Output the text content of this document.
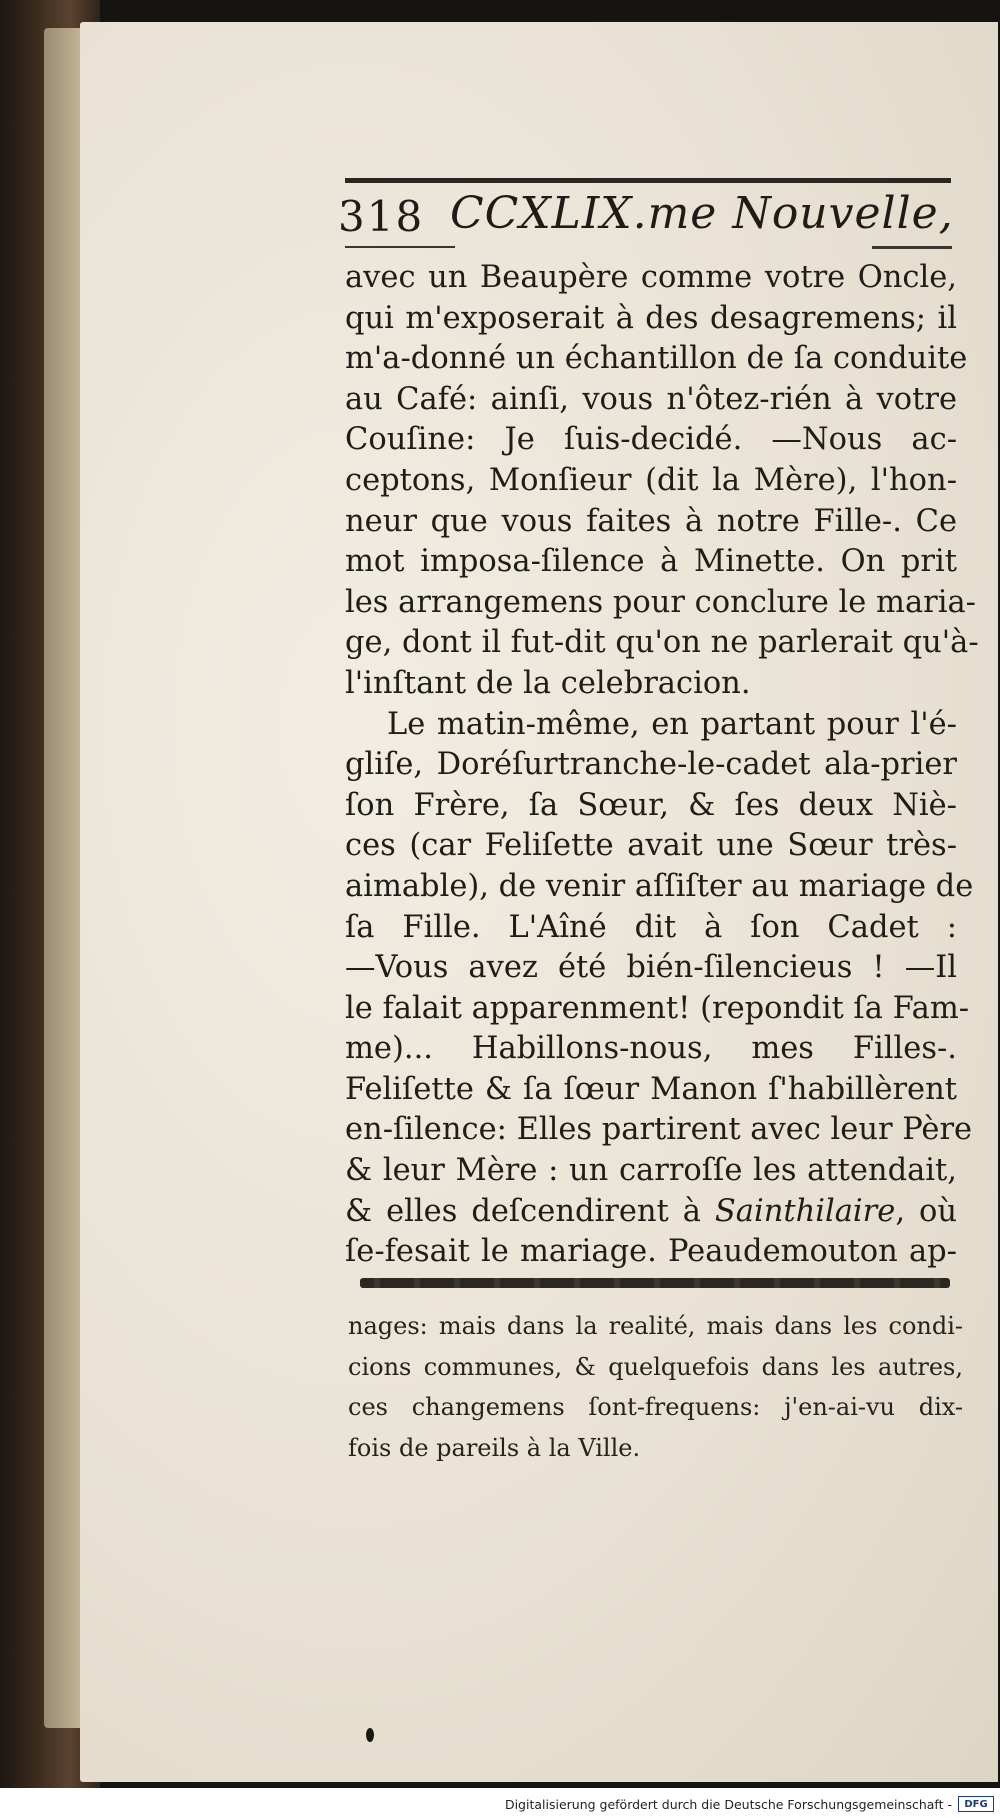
318 CCXLIX.me Nouvelle,
avec un Beaupère comme votre Oncle,
qui m'exposerait à des desagremens; il
m'a-donné un échantillon de ſa conduite
au Café: ainſi, vous n'ôtez-rién à votre
Couſine: Je ſuis-decidé. —Nous ac-
ceptons, Monſieur (dit la Mère), l'hon-
neur que vous faites à notre Fille-. Ce
mot imposa-ſilence à Minette. On prit
les arrangemens pour conclure le maria-
ge, dont il fut-dit qu'on ne parlerait qu'à-
l'inſtant de la celebracion.
Le matin-même, en partant pour l'é-
gliſe, Doréſurtranche-le-cadet ala-prier
ſon Frère, ſa Sœur, & ſes deux Niè-
ces (car Feliſette avait une Sœur très-
aimable), de venir aſſiſter au mariage de
ſa Fille. L'Aîné dit à ſon Cadet :
—Vous avez été bién-ſilencieus ! —Il
le falait apparenment! (repondit ſa Fam-
me)... Habillons-nous, mes Filles-.
Feliſette & ſa ſœur Manon ſ'habillèrent
en-ſilence: Elles partirent avec leur Père
& leur Mère : un carroſſe les attendait,
& elles deſcendirent à Sainthilaire, où
ſe-fesait le mariage. Peaudemouton ap-
nages: mais dans la realité, mais dans les condi-
cions communes, & quelquefois dans les autres,
ces changemens ſont-frequens: j'en-ai-vu dix-
fois de pareils à la Ville.
Digitalisierung gefördert durch die Deutsche Forschungsgemeinschaft -	DFG
